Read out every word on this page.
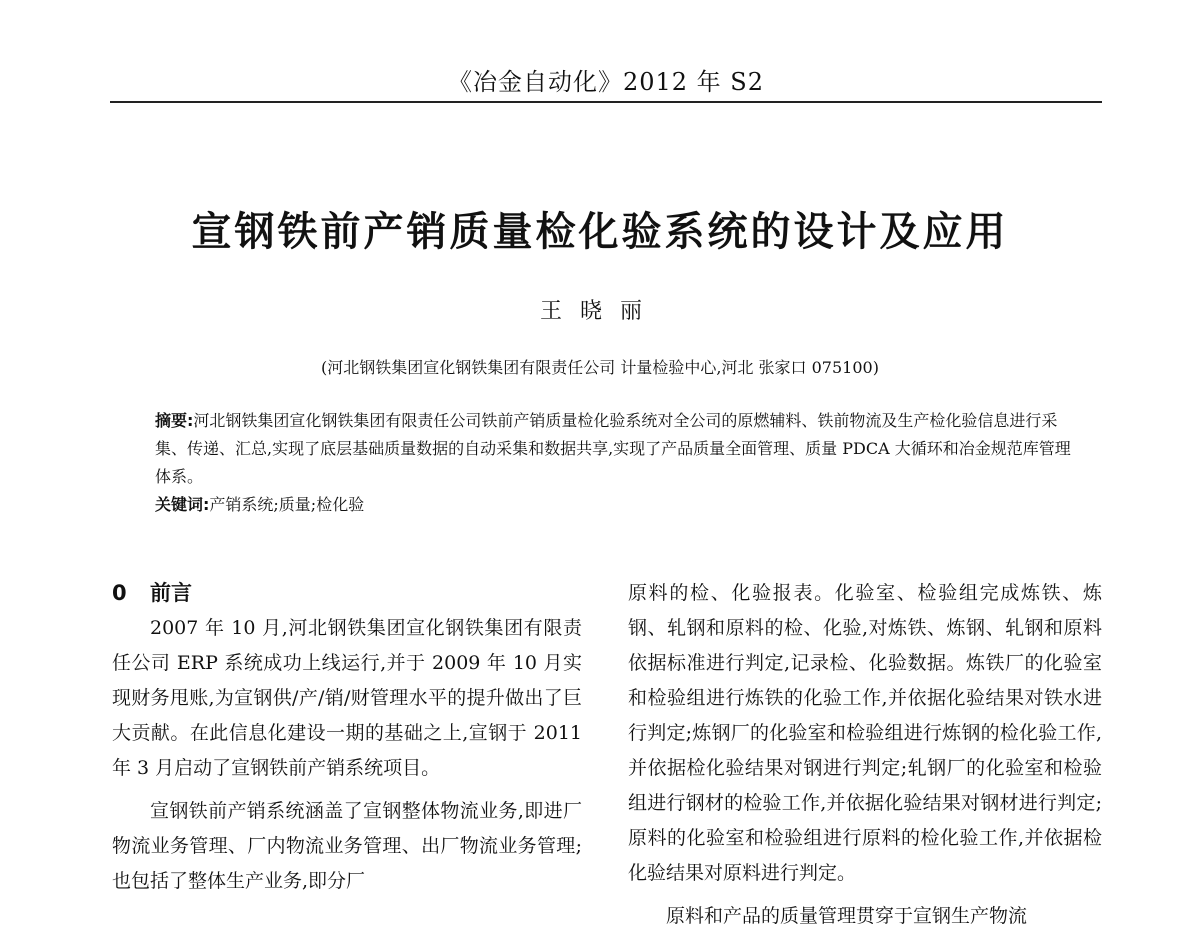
《冶金自动化》2012 年 S2
宣钢铁前产销质量检化验系统的设计及应用
王晓丽
(河北钢铁集团宣化钢铁集团有限责任公司 计量检验中心,河北 张家口 075100)

摘要:河北钢铁集团宣化钢铁集团有限责任公司铁前产销质量检化验系统对全公司的原燃辅料、铁前物流及生产检化验信息进行采集、传递、汇总,实现了底层基础质量数据的自动采集和数据共享,实现了产品质量全面管理、质量 PDCA 大循环和冶金规范库管理体系。

关键词:产销系统;质量;检化验

0 前言

2007 年 10 月,河北钢铁集团宣化钢铁集团有限责任公司 ERP 系统成功上线运行,并于 2009 年 10 月实现财务甩账,为宣钢供/产/销/财管理水平的提升做出了巨大贡献。在此信息化建设一期的基础之上,宣钢于 2011 年 3 月启动了宣钢铁前产销系统项目。

宣钢铁前产销系统涵盖了宣钢整体物流业务,即进厂物流业务管理、厂内物流业务管理、出厂物流业务管理;也包括了整体生产业务,即分厂

原料的检、化验报表。化验室、检验组完成炼铁、炼钢、轧钢和原料的检、化验,对炼铁、炼钢、轧钢和原料依据标准进行判定,记录检、化验数据。炼铁厂的化验室和检验组进行炼铁的化验工作,并依据化验结果对铁水进行判定;炼钢厂的化验室和检验组进行炼钢的检化验工作,并依据检化验结果对钢进行判定;轧钢厂的化验室和检验组进行钢材的检验工作,并依据化验结果对钢材进行判定;原料的化验室和检验组进行原料的检化验工作,并依据检化验结果对原料进行判定。

原料和产品的质量管理贯穿于宣钢生产物流
